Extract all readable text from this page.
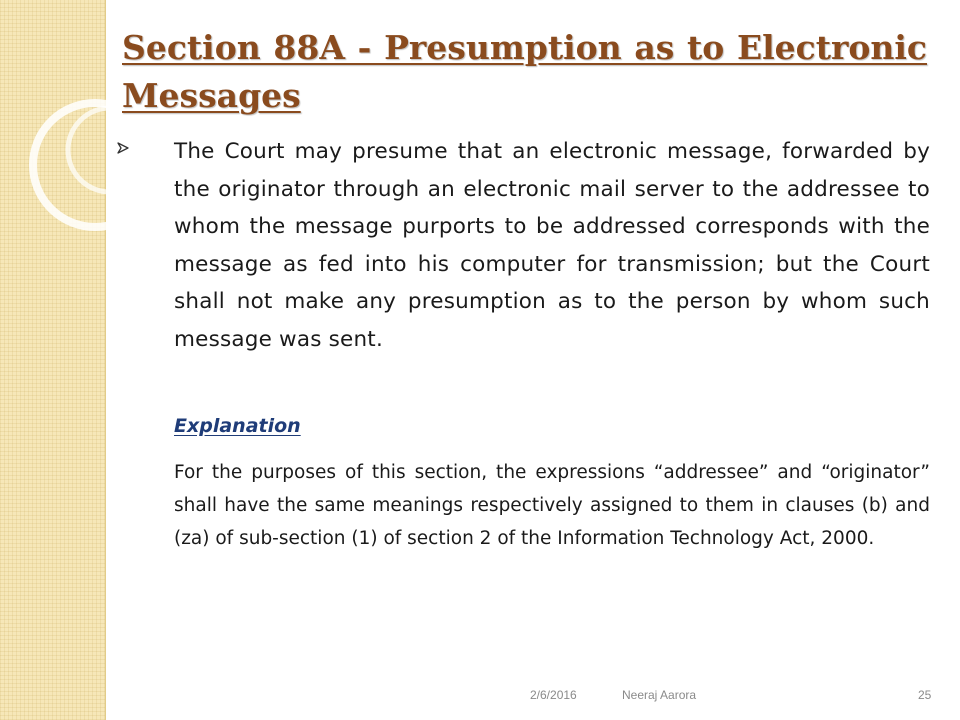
Section 88A - Presumption as to Electronic Messages

The Court may presume that an electronic message, forwarded by the originator through an electronic mail server to the addressee to whom the message purports to be addressed corresponds with the message as fed into his computer for transmission; but the Court shall not make any presumption as to the person by whom such message was sent.

Explanation

For the purposes of this section, the expressions “addressee” and “originator” shall have the same meanings respectively assigned to them in clauses (b) and (za) of sub-section (1) of section 2 of the Information Technology Act, 2000.

2/6/2016	Neeraj Aarora	25
